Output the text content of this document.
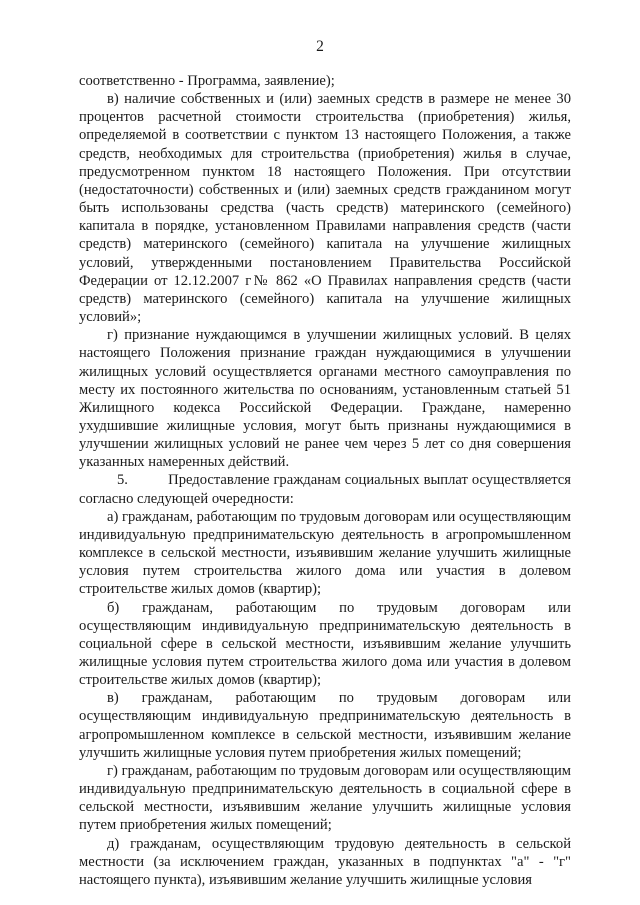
2

соответственно - Программа, заявление);

в) наличие собственных и (или) заемных средств в размере не менее 30 процентов расчетной стоимости строительства (приобретения) жилья, определяемой в соответствии с пунктом 13 настоящего Положения, а также средств, необходимых для строительства (приобретения) жилья в случае, предусмотренном пунктом 18 настоящего Положения. При отсутствии (недостаточности) собственных и (или) заемных средств гражданином могут быть использованы средства (часть средств) материнского (семейного) капитала в порядке, установленном Правилами направления средств (части средств) материнского (семейного) капитала на улучшение жилищных условий, утвержденными постановлением Правительства Российской Федерации от 12.12.2007 г№ 862 «О Правилах направления средств (части средств) материнского (семейного) капитала на улучшение жилищных условий»;

г) признание нуждающимся в улучшении жилищных условий. В целях настоящего Положения признание граждан нуждающимися в улучшении жилищных условий осуществляется органами местного самоуправления по месту их постоянного жительства по основаниям, установленным статьей 51 Жилищного кодекса Российской Федерации. Граждане, намеренно ухудшившие жилищные условия, могут быть признаны нуждающимися в улучшении жилищных условий не ранее чем через 5 лет со дня совершения указанных намеренных действий.

5.          Предоставление гражданам социальных выплат осуществляется согласно следующей очередности:

а) гражданам, работающим по трудовым договорам или осуществляющим индивидуальную предпринимательскую деятельность в агропромышленном комплексе в сельской местности, изъявившим желание улучшить жилищные условия путем строительства жилого дома или участия в долевом строительстве жилых домов (квартир);

б) гражданам, работающим по трудовым договорам или осуществляющим индивидуальную предпринимательскую деятельность в социальной сфере в сельской местности, изъявившим желание улучшить жилищные условия путем строительства жилого дома или участия в долевом строительстве жилых домов (квартир);

в) гражданам, работающим по трудовым договорам или осуществляющим индивидуальную предпринимательскую деятельность в агропромышленном комплексе в сельской местности, изъявившим желание улучшить жилищные условия путем приобретения жилых помещений;

г) гражданам, работающим по трудовым договорам или осуществляющим индивидуальную предпринимательскую деятельность в социальной сфере в сельской местности, изъявившим желание улучшить жилищные условия путем приобретения жилых помещений;

д) гражданам, осуществляющим трудовую деятельность в сельской местности (за исключением граждан, указанных в подпунктах "а" - "г" настоящего пункта), изъявившим желание улучшить жилищные условия
